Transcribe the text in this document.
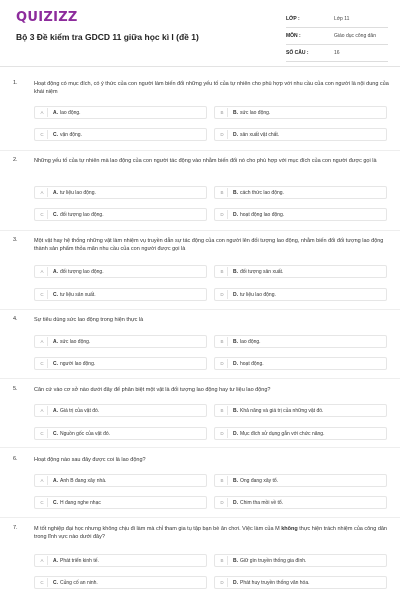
QUIZIZZ
Bộ 3 Đề kiểm tra GDCD 11 giữa học kì I (đề 1)
LỚP :	Lớp 11
MÔN :	Giáo dục công dân
SỐ CÂU :	16
1.	Hoạt động có mục đích, có ý thức của con người làm biến đổi những yếu tố của tự nhiên cho phù hợp với nhu cầu của con người là nội dung của khái niệm
A	A. lao động.	B	B. sức lao động.
C	C. vận động.	D	D. sản xuất vật chất.
2.	Những yếu tố của tự nhiên mà lao động của con người tác động vào nhằm biến đổi nó cho phù hợp với mục đích của con người được gọi là
A	A. tư liệu lao động.	B	B. cách thức lao động.
C	C. đối tượng lao động.	D	D. hoạt động lao động.
3.	Một vật hay hệ thống những vật làm nhiệm vụ truyền dẫn sự tác động của con người lên đối tượng lao động, nhằm biến đổi đối tượng lao động thành sản phẩm thỏa mãn nhu cầu của con người được gọi là
A	A. đối tượng lao động.	B	B. đối tượng sản xuất.
C	C. tư liệu sản xuất.	D	D. tư liệu lao động.
4.	Sự tiêu dùng sức lao động trong hiện thực là
A	A. sức lao động.	B	B. lao động.
C	C. người lao động.	D	D. hoạt động.
5.	Căn cứ vào cơ sở nào dưới đây để phân biệt một vật là đối tượng lao động hay tư liệu lao động?
A	A. Giá trị của vật đó.	B	B. Khả năng và giá trị của những vật đó.
C	C. Nguồn gốc của vật đó.	D	D. Mục đích sử dụng gắn với chức năng.
6.	Hoạt động nào sau đây được coi là lao động?
A	A. Anh B đang xây nhà.	B	B. Ong đang xây tổ.
C	C. H đang nghe nhạc	D	D. Chim tha mồi về tổ.
7.	M tốt nghiệp đại học nhưng không chịu đi làm mà chỉ tham gia tụ tập bạn bè ăn chơi. Việc làm của M không thực hiện trách nhiệm của công dân trong lĩnh vực nào dưới đây?
A	A. Phát triển kinh tế.	B	B. Giữ gìn truyền thống gia đình.
C	C. Củng cố an ninh.	D	D. Phát huy truyền thống văn hóa.
